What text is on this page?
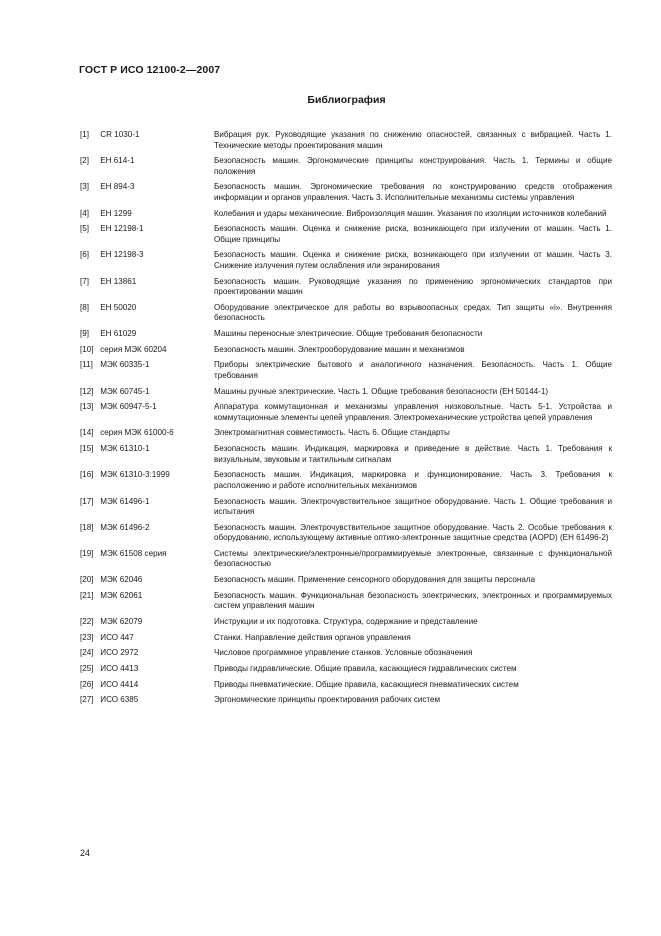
ГОСТ Р ИСО 12100-2—2007
Библиография
[1] CR 1030-1	Вибрация рук. Руководящие указания по снижению опасностей, связанных с вибрацией. Часть 1. Технические методы проектирования машин
[2] ЕН 614-1	Безопасность машин. Эргономические принципы конструирования. Часть 1. Термины и общие положения
[3] ЕН 894-3	Безопасность машин. Эргономические требования по конструированию средств отображения информации и органов управления. Часть 3. Исполнительные механизмы системы управления
[4] ЕН 1299	Колебания и удары механические. Виброизоляция машин. Указания по изоляции источников колебаний
[5] ЕН 12198-1	Безопасность машин. Оценка и снижение риска, возникающего при излучении от машин. Часть 1. Общие принципы
[6] ЕН 12198-3	Безопасность машин. Оценка и снижение риска, возникающего при излучении от машин. Часть 3. Снижение излучения путем ослабления или экранирования
[7] ЕН 13861	Безопасность машин. Руководящие указания по применению эргономических стандартов при проектировании машин
[8] ЕН 50020	Оборудование электрическое для работы во взрывоопасных средах. Тип защиты «i». Внутренняя безопасность
[9] ЕН 61029	Машины переносные электрические. Общие требования безопасности
[10] серия МЭК 60204	Безопасность машин. Электрооборудование машин и механизмов
[11] МЭК 60335-1	Приборы электрические бытового и аналогичного назначения. Безопасность. Часть 1. Общие требования
[12] МЭК 60745-1	Машины ручные электрические. Часть 1. Общие требования безопасности (ЕН 50144-1)
[13] МЭК 60947-5-1	Аппаратура коммутационная и механизмы управления низковольтные. Часть 5-1. Устройства и коммутационные элементы цепей управления. Электромеханические устройства цепей управления
[14] серия МЭК 61000-6	Электромагнитная совместимость. Часть 6. Общие стандарты
[15] МЭК 61310-1	Безопасность машин. Индикация, маркировка и приведение в действие. Часть 1. Требования к визуальным, звуковым и тактильным сигналам
[16] МЭК 61310-3:1999	Безопасность машин. Индикация, маркировка и функционирование. Часть 3. Требования к расположению и работе исполнительных механизмов
[17] МЭК 61496-1	Безопасность машин. Электрочувствительное защитное оборудование. Часть 1. Общие требования и испытания
[18] МЭК 61496-2	Безопасность машин. Электрочувствительное защитное оборудование. Часть 2. Особые требования к оборудованию, использующему активные оптико-электронные защитные средства (AOPD) (ЕН 61496-2)
[19] МЭК 61508 серия	Системы электрические/электронные/программируемые электронные, связанные с функциональной безопасностью
[20] МЭК 62046	Безопасность машин. Применение сенсорного оборудования для защиты персонала
[21] МЭК 62061	Безопасность машин. Функциональная безопасность электрических, электронных и программируемых систем управления машин
[22] МЭК 62079	Инструкции и их подготовка. Структура, содержание и представление
[23] ИСО 447	Станки. Направление действия органов управления
[24] ИСО 2972	Числовое программное управление станков. Условные обозначения
[25] ИСО 4413	Приводы гидравлические. Общие правила, касающиеся гидравлических систем
[26] ИСО 4414	Приводы пневматические. Общие правила, касающиеся пневматических систем
[27] ИСО 6385	Эргономические принципы проектирования рабочих систем
24
